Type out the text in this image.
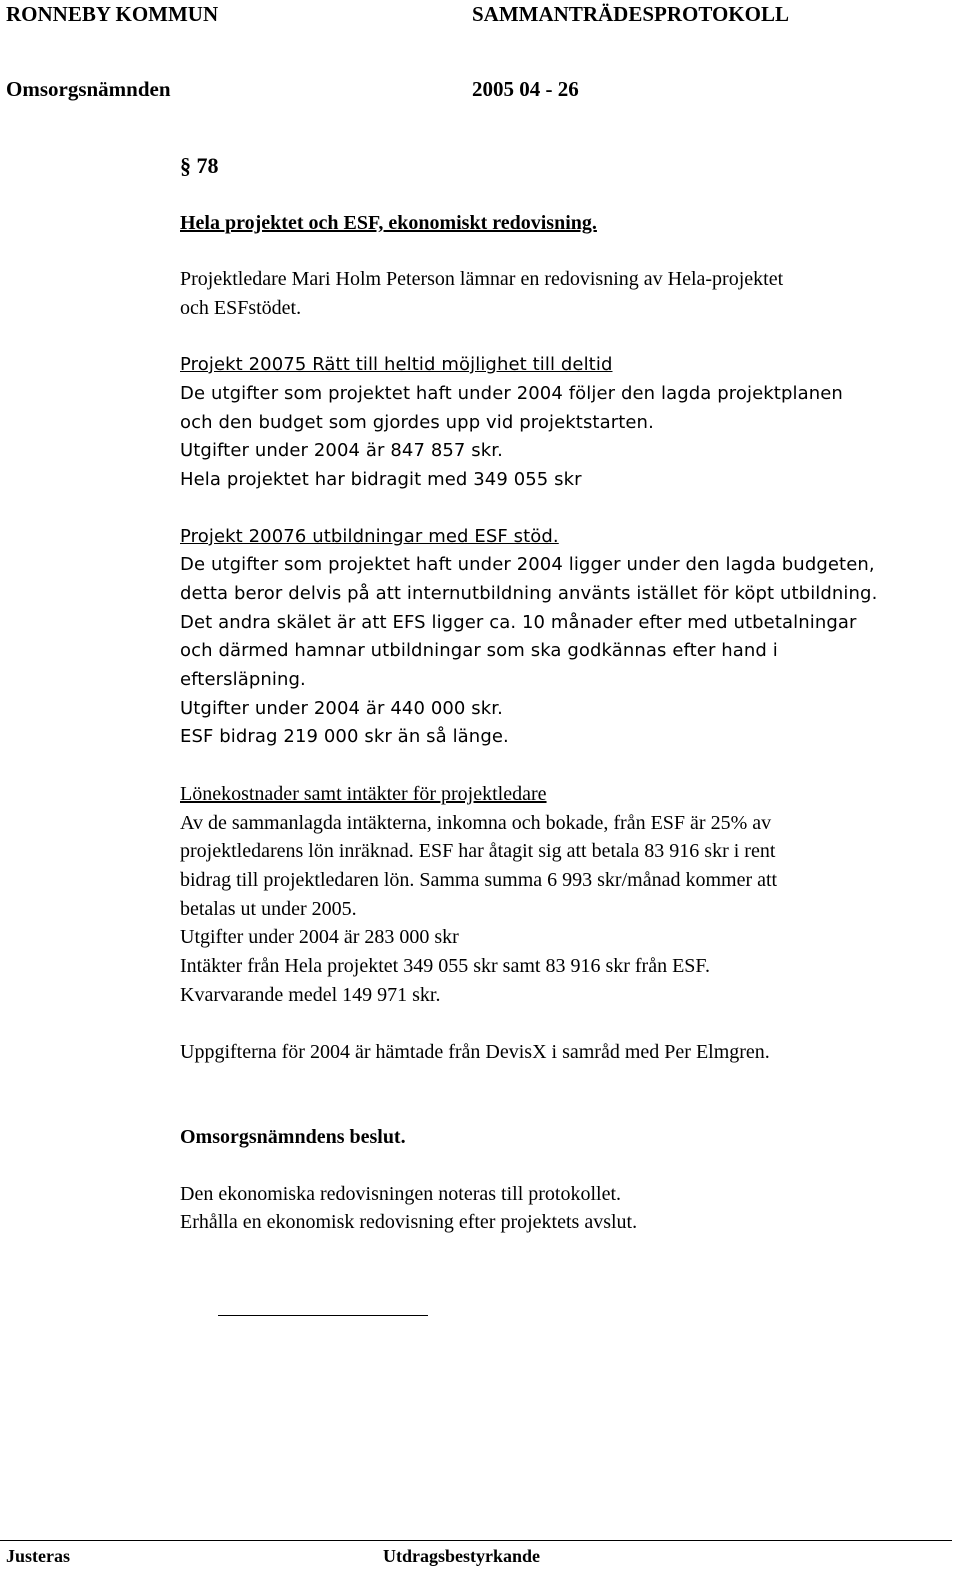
RONNEBY KOMMUN	SAMMANTRÄDESPROTOKOLL
Omsorgsnämnden	2005 04 - 26
§ 78
Hela projektet och ESF, ekonomiskt redovisning.
Projektledare Mari Holm Peterson lämnar en redovisning av Hela-projektet
och ESFstödet.
Projekt 20075 Rätt till heltid möjlighet till deltid
De utgifter som projektet haft under 2004 följer den lagda projektplanen
och den budget som gjordes upp vid projektstarten.
Utgifter under 2004 är 847 857 skr.
Hela projektet har bidragit med 349 055 skr
Projekt 20076 utbildningar med ESF stöd.
De utgifter som projektet haft under 2004 ligger under den lagda budgeten,
detta beror delvis på att internutbildning använts istället för köpt utbildning.
Det andra skälet är att EFS ligger ca. 10 månader efter med utbetalningar
och därmed hamnar utbildningar som ska godkännas efter hand i
eftersläpning.
Utgifter under 2004 är 440 000 skr.
ESF bidrag 219 000 skr än så länge.
Lönekostnader samt intäkter för projektledare
Av de sammanlagda intäkterna, inkomna och bokade, från ESF är 25% av
projektledarens lön inräknad. ESF har åtagit sig att betala 83 916 skr i rent
bidrag till projektledaren lön. Samma summa 6 993 skr/månad kommer att
betalas ut under 2005.
Utgifter under 2004 är 283 000 skr
Intäkter från Hela projektet 349 055 skr samt 83 916 skr från ESF.
Kvarvarande medel 149 971 skr.
Uppgifterna för 2004 är hämtade från DevisX i samråd med Per Elmgren.
Omsorgsnämndens beslut.
Den ekonomiska redovisningen noteras till protokollet.
Erhålla en ekonomisk redovisning efter projektets avslut.
Justeras	Utdragsbestyrkande
